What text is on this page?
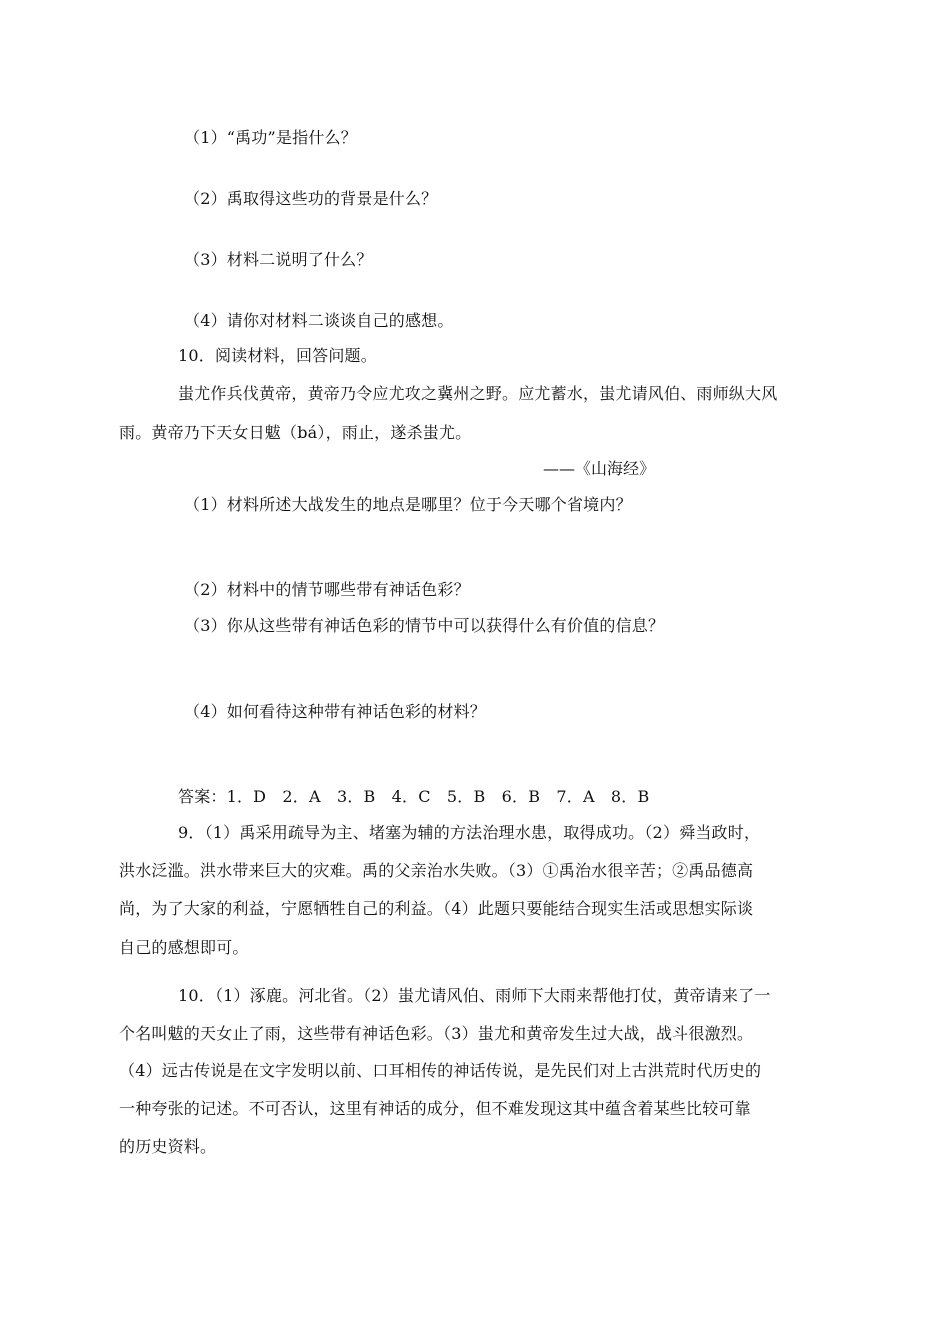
（1）“禹功”是指什么？
（2）禹取得这些功的背景是什么？
（3）材料二说明了什么？
（4）请你对材料二谈谈自己的感想。
10．阅读材料，回答问题。
蚩尤作兵伐黄帝，黄帝乃令应尤攻之冀州之野。应尤蓄水，蚩尤请风伯、雨师纵大风
雨。黄帝乃下天女日魃（bá），雨止，遂杀蚩尤。
——《山海经》
（1）材料所述大战发生的地点是哪里？位于今天哪个省境内？
（2）材料中的情节哪些带有神话色彩？
（3）你从这些带有神话色彩的情节中可以获得什么有价值的信息？
（4）如何看待这种带有神话色彩的材料？
答案：1．D　2．A　3．B　4．C　5．B　6．B　7．A　8．B
9．（1）禹采用疏导为主、堵塞为辅的方法治理水患，取得成功。（2）舜当政时，
洪水泛滥。洪水带来巨大的灾难。禹的父亲治水失败。（3）①禹治水很辛苦；②禹品德高
尚，为了大家的利益，宁愿牺牲自己的利益。（4）此题只要能结合现实生活或思想实际谈
自己的感想即可。
10．（1）涿鹿。河北省。（2）蚩尤请风伯、雨师下大雨来帮他打仗，黄帝请来了一
个名叫魃的天女止了雨，这些带有神话色彩。（3）蚩尤和黄帝发生过大战，战斗很激烈。
（4）远古传说是在文字发明以前、口耳相传的神话传说，是先民们对上古洪荒时代历史的
一种夸张的记述。不可否认，这里有神话的成分，但不难发现这其中蕴含着某些比较可靠
的历史资料。
